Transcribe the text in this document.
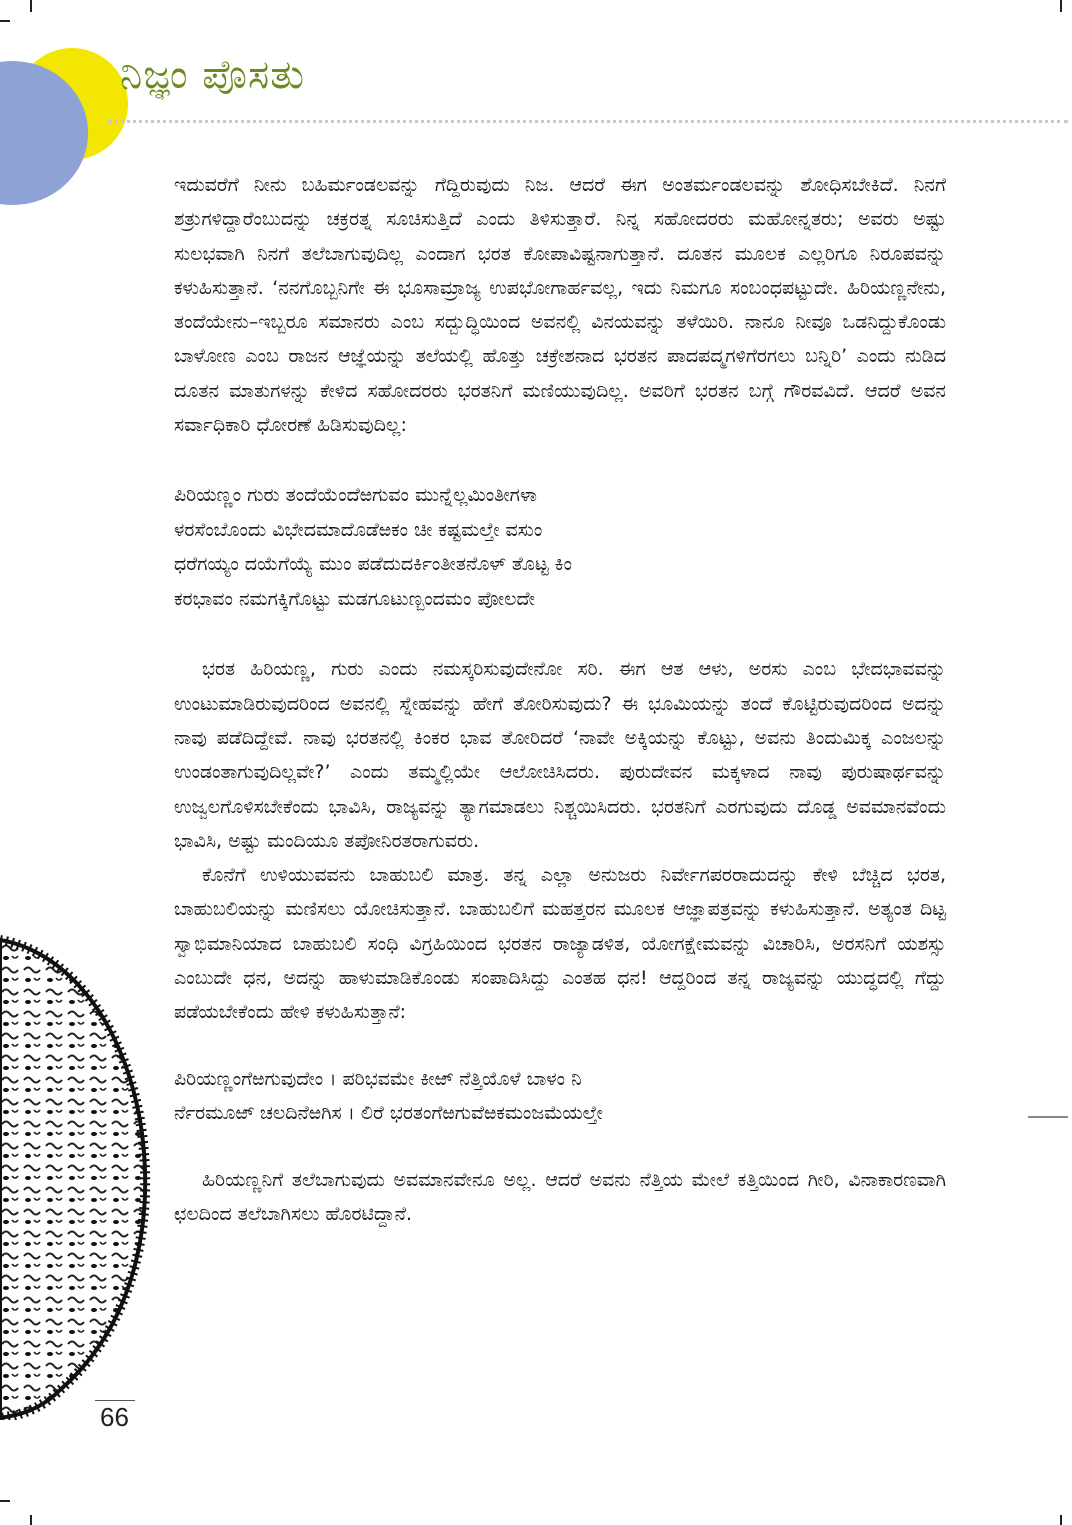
ನಿಜ್ಞಂ ಪೊಸತು

ಇದುವರೆಗೆ ನೀನು ಬಹಿರ್ಮಂಡಲವನ್ನು ಗೆದ್ದಿರುವುದು ನಿಜ. ಆದರೆ ಈಗ ಅಂತರ್ಮಂಡಲವನ್ನು ಶೋಧಿಸಬೇಕಿದೆ. ನಿನಗೆ ಶತ್ರುಗಳಿದ್ದಾರೆಂಬುದನ್ನು ಚಕ್ರರತ್ನ ಸೂಚಿಸುತ್ತಿದೆ ಎಂದು ತಿಳಿಸುತ್ತಾರೆ. ನಿನ್ನ ಸಹೋದರರು ಮಹೋನ್ನತರು; ಅವರು ಅಷ್ಟು ಸುಲಭವಾಗಿ ನಿನಗೆ ತಲೆಬಾಗುವುದಿಲ್ಲ ಎಂದಾಗ ಭರತ ಕೋಪಾವಿಷ್ಟನಾಗುತ್ತಾನೆ. ದೂತನ ಮೂಲಕ ಎಲ್ಲರಿಗೂ ನಿರೂಪವನ್ನು ಕಳುಹಿಸುತ್ತಾನೆ. ‘ನನಗೊಬ್ಬನಿಗೇ ಈ ಭೂಸಾಮ್ರಾಜ್ಯ ಉಪಭೋಗಾರ್ಹವಲ್ಲ, ಇದು ನಿಮಗೂ ಸಂಬಂಧಪಟ್ಟುದೇ. ಹಿರಿಯಣ್ಣನೇನು, ತಂದೆಯೇನು–ಇಬ್ಬರೂ ಸಮಾನರು ಎಂಬ ಸದ್ಬುದ್ಧಿಯಿಂದ ಅವನಲ್ಲಿ ವಿನಯವನ್ನು ತಳೆಯಿರಿ. ನಾನೂ ನೀವೂ ಒಡನಿದ್ದುಕೊಂಡು ಬಾಳೋಣ ಎಂಬ ರಾಜನ ಆಜ್ಞೆಯನ್ನು ತಲೆಯಲ್ಲಿ ಹೊತ್ತು ಚಕ್ರೇಶನಾದ ಭರತನ ಪಾದಪದ್ಮಗಳಿಗೆರಗಲು ಬನ್ನಿರಿ’ ಎಂದು ನುಡಿದ ದೂತನ ಮಾತುಗಳನ್ನು ಕೇಳಿದ ಸಹೋದರರು ಭರತನಿಗೆ ಮಣಿಯುವುದಿಲ್ಲ. ಅವರಿಗೆ ಭರತನ ಬಗ್ಗೆ ಗೌರವವಿದೆ. ಆದರೆ ಅವನ ಸರ್ವಾಧಿಕಾರಿ ಧೋರಣೆ ಹಿಡಿಸುವುದಿಲ್ಲ:

ಪಿರಿಯಣ್ಣಂ ಗುರು ತಂದೆಯೆಂದೆಱಗುವಂ ಮುನ್ನೆಲ್ಲಮಿಂತೀಗಳಾ
ಳರಸೆಂಬೊಂದು ವಿಭೇದಮಾದೊಡೆಱಕಂ ಚೀ ಕಷ್ಟಮಲ್ತೇ ವಸುಂ
ಧರೆಗಯ್ಯಂ ದಯೆಗೆಯ್ಯೆ ಮುಂ ಪಡೆದುದರ್ಕಿಂತೀತನೊಳ್ ತೊಟ್ಟ ಕಿಂ
ಕರಭಾವಂ ನಮಗಕ್ಕಿಗೊಟ್ಟು ಮಡಗೂಟುಣ್ಬಂದಮಂ ಪೋಲದೇ

ಭರತ ಹಿರಿಯಣ್ಣ, ಗುರು ಎಂದು ನಮಸ್ಕರಿಸುವುದೇನೋ ಸರಿ. ಈಗ ಆತ ಆಳು, ಅರಸು ಎಂಬ ಭೇದಭಾವವನ್ನು ಉಂಟುಮಾಡಿರುವುದರಿಂದ ಅವನಲ್ಲಿ ಸ್ನೇಹವನ್ನು ಹೇಗೆ ತೋರಿಸುವುದು? ಈ ಭೂಮಿಯನ್ನು ತಂದೆ ಕೊಟ್ಟಿರುವುದರಿಂದ ಅದನ್ನು ನಾವು ಪಡೆದಿದ್ದೇವೆ. ನಾವು ಭರತನಲ್ಲಿ ಕಿಂಕರ ಭಾವ ತೋರಿದರೆ ‘ನಾವೇ ಅಕ್ಕಿಯನ್ನು ಕೊಟ್ಟು, ಅವನು ತಿಂದುಮಿಕ್ಕ ಎಂಜಲನ್ನು ಉಂಡಂತಾಗುವುದಿಲ್ಲವೇ?’ ಎಂದು ತಮ್ಮಲ್ಲಿಯೇ ಆಲೋಚಿಸಿದರು. ಪುರುದೇವನ ಮಕ್ಕಳಾದ ನಾವು ಪುರುಷಾರ್ಥವನ್ನು ಉಜ್ವಲಗೊಳಿಸಬೇಕೆಂದು ಭಾವಿಸಿ, ರಾಜ್ಯವನ್ನು ತ್ಯಾಗಮಾಡಲು ನಿಶ್ಚಯಿಸಿದರು. ಭರತನಿಗೆ ಎರಗುವುದು ದೊಡ್ಡ ಅವಮಾನವೆಂದು ಭಾವಿಸಿ, ಅಷ್ಟು ಮಂದಿಯೂ ತಪೋನಿರತರಾಗುವರು.

ಕೊನೆಗೆ ಉಳಿಯುವವನು ಬಾಹುಬಲಿ ಮಾತ್ರ. ತನ್ನ ಎಲ್ಲಾ ಅನುಜರು ನಿರ್ವೇಗಪರರಾದುದನ್ನು ಕೇಳಿ ಬೆಚ್ಚಿದ ಭರತ, ಬಾಹುಬಲಿಯನ್ನು ಮಣಿಸಲು ಯೋಚಿಸುತ್ತಾನೆ. ಬಾಹುಬಲಿಗೆ ಮಹತ್ತರನ ಮೂಲಕ ಆಜ್ಞಾಪತ್ರವನ್ನು ಕಳುಹಿಸುತ್ತಾನೆ. ಅತ್ಯಂತ ದಿಟ್ಟ ಸ್ವಾಭಿಮಾನಿಯಾದ ಬಾಹುಬಲಿ ಸಂಧಿ ವಿಗ್ರಹಿಯಿಂದ ಭರತನ ರಾಜ್ಯಾಡಳಿತ, ಯೋಗಕ್ಷೇಮವನ್ನು ವಿಚಾರಿಸಿ, ಅರಸನಿಗೆ ಯಶಸ್ಸು ಎಂಬುದೇ ಧನ, ಅದನ್ನು ಹಾಳುಮಾಡಿಕೊಂಡು ಸಂಪಾದಿಸಿದ್ದು ಎಂತಹ ಧನ! ಆದ್ದರಿಂದ ತನ್ನ ರಾಜ್ಯವನ್ನು ಯುದ್ಧದಲ್ಲಿ ಗೆದ್ದು ಪಡೆಯಬೇಕೆಂದು ಹೇಳಿ ಕಳುಹಿಸುತ್ತಾನೆ:

ಪಿರಿಯಣ್ಣಂಗೆಱಗುವುದೇಂ । ಪರಿಭವಮೇ ಕೀಱ್ ನೆತ್ತಿಯೊಳೆ ಬಾಳಂ ನಿ
ರ್ನೆರಮೂಱ್ ಚಲದಿನೆಱಗಿಸ । ಲಿರೆ ಭರತಂಗೆಱಗುವೆಱಕಮಂಜಮೆಯಲ್ತೇ

ಹಿರಿಯಣ್ಣನಿಗೆ ತಲೆಬಾಗುವುದು ಅವಮಾನವೇನೂ ಅಲ್ಲ. ಆದರೆ ಅವನು ನೆತ್ತಿಯ ಮೇಲೆ ಕತ್ತಿಯಿಂದ ಗೀರಿ, ವಿನಾಕಾರಣವಾಗಿ ಛಲದಿಂದ ತಲೆಬಾಗಿಸಲು ಹೊರಟಿದ್ದಾನೆ.

66
